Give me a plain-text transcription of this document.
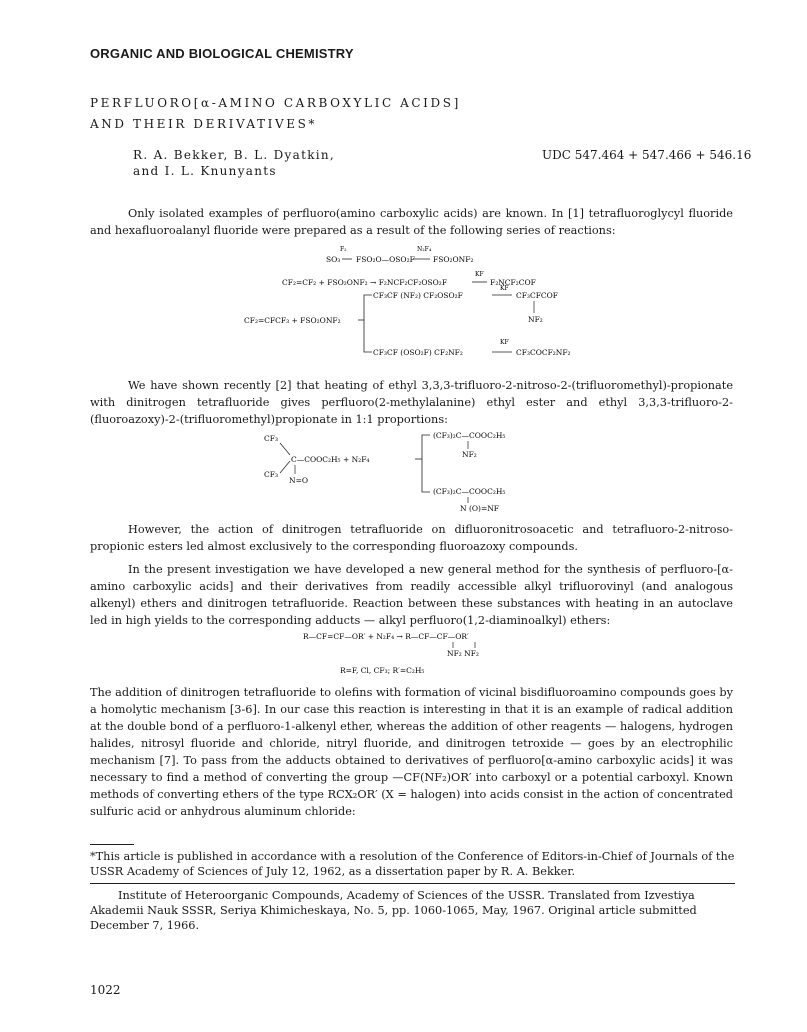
ORGANIC AND BIOLOGICAL CHEMISTRY
PERFLUORO[α-AMINO CARBOXYLIC ACIDS]
AND THEIR DERIVATIVES*
R. A. Bekker, B. L. Dyatkin,
and I. L. Knunyants
UDC 547.464 + 547.466 + 546.16
Only isolated examples of perfluoro(amino carboxylic acids) are known. In [1] tetrafluoroglycyl fluoride and hexafluoroalanyl fluoride were prepared as a result of the following series of reactions:
F₂	N₂F₄
SO₃ FSO₂O—OSO₂F FSO₂ONF₂
CF₂=CF₂ + FSO₂ONF₂ → F₂NCF₂CF₂OSO₂F
KF
F₂NCF₂COF
CF₂=CFCF₃ + FSO₂ONF₂
CF₃CF (NF₂) CF₂OSO₂F
KF
CF₃CFCOF
NF₂
CF₃CF (OSO₂F) CF₂NF₂
KF
CF₃COCF₂NF₂
We have shown recently [2] that heating of ethyl 3,3,3-trifluoro-2-nitroso-2-(trifluoromethyl)-propionate with dinitrogen tetrafluoride gives perfluoro(2-methylalanine) ethyl ester and ethyl 3,3,3-trifluoro-2-(fluoroazoxy)-2-(trifluoromethyl)propionate in 1:1 proportions:
CF₃
CF₃
C—COOC₂H₅ + N₂F₄
N=O
(CF₃)₂C—COOC₂H₅
NF₂
(CF₃)₂C—COOC₂H₅
N (O)=NF
However, the action of dinitrogen tetrafluoride on difluoronitrosoacetic and tetrafluoro-2-nitroso-propionic esters led almost exclusively to the corresponding fluoroazoxy compounds.
In the present investigation we have developed a new general method for the synthesis of perfluoro-[α-amino carboxylic acids] and their derivatives from readily accessible alkyl trifluorovinyl (and analogous alkenyl) ethers and dinitrogen tetrafluoride. Reaction between these substances with heating in an autoclave led in high yields to the corresponding adducts — alkyl perfluoro(1,2-diaminoalkyl) ethers:
R—CF=CF—OR′ + N₂F₄ → R—CF—CF—OR′
NF₂ NF₂
R=F, Cl, CF₃; R′=C₂H₅
The addition of dinitrogen tetrafluoride to olefins with formation of vicinal bisdifluoroamino compounds goes by a homolytic mechanism [3-6]. In our case this reaction is interesting in that it is an example of radical addition at the double bond of a perfluoro-1-alkenyl ether, whereas the addition of other reagents — halogens, hydrogen halides, nitrosyl fluoride and chloride, nitryl fluoride, and dinitrogen tetroxide — goes by an electrophilic mechanism [7]. To pass from the adducts obtained to derivatives of perfluoro[α-amino carboxylic acids] it was necessary to find a method of converting the group —CF(NF₂)OR′ into carboxyl or a potential carboxyl. Known methods of converting ethers of the type RCX₂OR′ (X = halogen) into acids consist in the action of concentrated sulfuric acid or anhydrous aluminum chloride:
*This article is published in accordance with a resolution of the Conference of Editors-in-Chief of Journals of the USSR Academy of Sciences of July 12, 1962, as a dissertation paper by R. A. Bekker.
Institute of Heteroorganic Compounds, Academy of Sciences of the USSR. Translated from Izvestiya Akademii Nauk SSSR, Seriya Khimicheskaya, No. 5, pp. 1060-1065, May, 1967. Original article submitted December 7, 1966.
1022
